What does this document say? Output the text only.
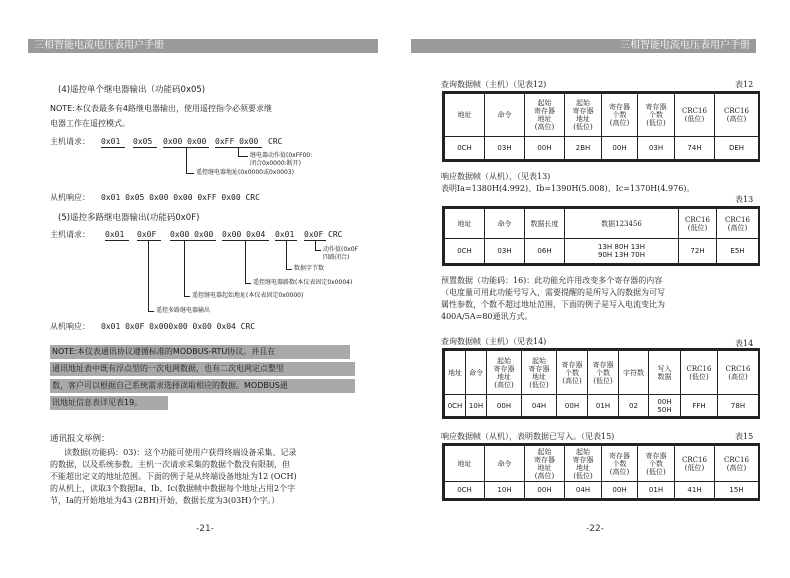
三相智能电流电压表用户手册
(4)遥控单个继电器输出（功能码0x05)
NOTE:本仪表最多有4路继电器输出，使用遥控指令必须要求继
电器工作在遥控模式。
主机请求： 0x01 0x05 0x00 0x00 0xFF 0x00 CRC
继电器动作值(0xFF00:
闭合0x0000:断开)
遥控继电器地址(0x0000或0x0003)
从机响应： 0x01 0x05 0x00 0x00 0xFF 0x00 CRC
(5)遥控多路继电器输出(功能码0x0F)
主机请求： 0x01 0x0F 0x00 0x00 0x00 0x04 0x01 0x0F CRC
动作值(0x0F
四路闭合)
数据字节数
遥控继电器路数(本仪表固定0x0004)
遥控继电器起始地址(本仪表固定0x0000)
遥控多路继电器输出
从机响应： 0x01 0x0F 0x000x00 0x00 0x04 CRC
NOTE:本仪表通讯协议遵循标准的MODBUS-RTU协议。并且在
通讯地址表中既有浮点型的一次电网数据，也有二次电网定点整型
数，客户可以根据自己系统需求选择读取相应的数据。MODBUS通
讯地址信息表详见表19。
通讯报文举例：
读数据(功能码：03)：这个功能可使用户获得终端设备采集、记录
的数据，以及系统参数。主机一次请求采集的数据个数没有限制，但
不能超出定义的地址范围。下面的例子是从终端设备地址为12 (OCH)
的从机上，读取3个数据Ia、Ib、Ic(数据帧中数据每个地址占用2个字
节，Ia的开始地址为43 (2BH)开始，数据长度为3(03H)个字。）
-21-
三相智能电流电压表用户手册
查询数据帧（主机）（见表12)	表12
地址	命令	起始
寄存器
地址
(高位)	起始
寄存器
地址
(低位)	寄存器
个数
(高位)	寄存器
个数
(低位)	CRC16
(低位)	CRC16
(高位)
0CH	03H	00H	2BH	00H	03H	74H	DEH
响应数据帧（从机），（见表13)
表明Ia=1380H(4.992)、Ib=1390H(5.008)、Ic=1370H(4.976)。
表13
地址	命令	数据长度	数据123456	CRC16
(低位)	CRC16
(高位)
0CH	03H	06H	13H 80H 13H
90H 13H 70H	72H	E5H
预置数据（功能码：16)：此功能允许用改变多个寄存器的内容
（电度量可用此功能号写入，需要提醒的是所写入的数据为可写
属性参数，个数不超过地址范围，下面的例子是写入电流变比为
400A/5A=80通讯方式。
查询数据帧（主机）（见表14)	表14
地址	命令	起始
寄存器
地址
(高位)	起始
寄存器
地址
(低位)	寄存器
个数
(高位)	寄存器
个数
(低位)	字符数	写入
数据	CRC16
(低位)	CRC16
(高位)
0CH	10H	00H	04H	00H	01H	02	00H
50H	FFH	78H
响应数据帧（从机），表明数据已写入。（见表15)	表15
地址	命令	起始
寄存器
地址
(高位)	起始
寄存器
地址
(低位)	寄存器
个数
(高位)	寄存器
个数
(低位)	CRC16
(低位)	CRC16
(高位)
0CH	10H	00H	04H	00H	01H	41H	15H
-22-
